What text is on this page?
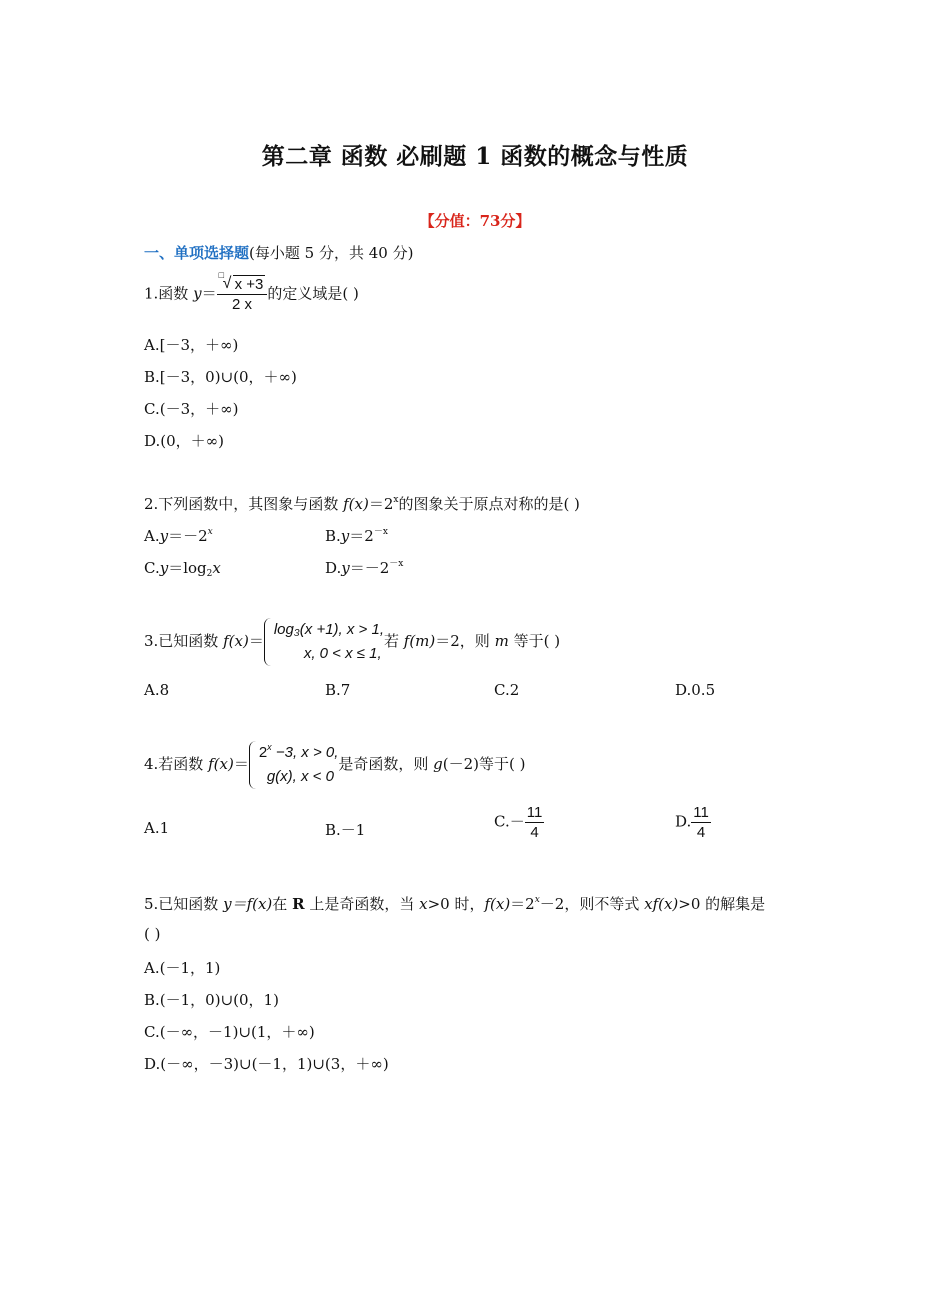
第二章 函数 必刷题 1 函数的概念与性质
【分值：73分】
一、单项选择题(每小题 5 分，共 40 分)
1.函数 y＝ □
√ x +3
2 x 的定义域是( )
A.[－3，＋∞)
B.[－3，0)∪(0，＋∞)
C.(－3，＋∞)
D.(0，＋∞)
2.下列函数中，其图象与函数 $f(x)=2^x$的图象关于原点对称的是( )
$A.y=-2^x$	$B.y=2^{-x}$
$C.y=\log_2x$	$D.y=-2^{-x}$
3.已知函数 f(x)＝
log₃(x +1), x > 1,
x, 0 < x ≤ 1,
若 f(m)＝2，则 m 等于( )
A.8	B.7	C.2	D.0.5
4.若函数 f(x)＝
$2^x -3$, x > 0,
g(x), x < 0
是奇函数，则 g(－2)等于( )
A.1	B.－1	$C.- \frac{11}{4}$	D. $\frac{11}{4}$
5.已知函数 y＝f(x)在 R 上是奇函数，当 x>0 时，$f(x)=2^x-2$，则不等式 xf(x)>0 的解集是
( )
A.(－1，1)
B.(－1，0)∪(0，1)
C.(－∞，－1)∪(1，＋∞)
D.(－∞，－3)∪(－1，1)∪(3，＋∞)
